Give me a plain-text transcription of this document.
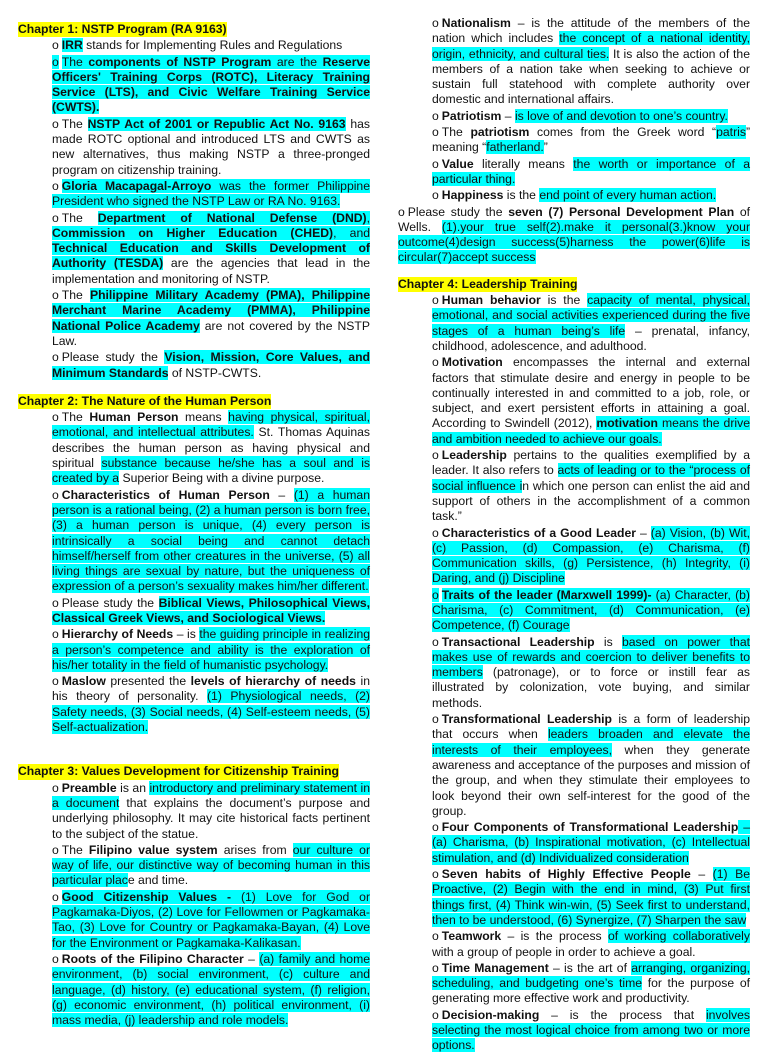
Chapter 1: NSTP Program (RA 9163)
o IRR stands for Implementing Rules and Regulations
o The components of NSTP Program are the Reserve Officers' Training Corps (ROTC), Literacy Training Service (LTS), and Civic Welfare Training Service (CWTS).
o The NSTP Act of 2001 or Republic Act No. 9163 has made ROTC optional and introduced LTS and CWTS as new alternatives, thus making NSTP a three-pronged program on citizenship training.
o Gloria Macapagal-Arroyo was the former Philippine President who signed the NSTP Law or RA No. 9163.
o The Department of National Defense (DND), Commission on Higher Education (CHED), and Technical Education and Skills Development of Authority (TESDA) are the agencies that lead in the implementation and monitoring of NSTP.
o The Philippine Military Academy (PMA), Philippine Merchant Marine Academy (PMMA), Philippine National Police Academy are not covered by the NSTP Law.
o Please study the Vision, Mission, Core Values, and Minimum Standards of NSTP-CWTS.
Chapter 2: The Nature of the Human Person
o The Human Person means having physical, spiritual, emotional, and intellectual attributes. St. Thomas Aquinas describes the human person as having physical and spiritual substance because he/she has a soul and is created by a Superior Being with a divine purpose.
o Characteristics of Human Person – (1) a human person is a rational being, (2) a human person is born free, (3) a human person is unique, (4) every person is intrinsically a social being and cannot detach himself/herself from other creatures in the universe, (5) all living things are sexual by nature, but the uniqueness of expression of a person’s sexuality makes him/her different.
o Please study the Biblical Views, Philosophical Views, Classical Greek Views, and Sociological Views.
o Hierarchy of Needs – is the guiding principle in realizing a person’s competence and ability is the exploration of his/her totality in the field of humanistic psychology.
o Maslow presented the levels of hierarchy of needs in his theory of personality. (1) Physiological needs, (2) Safety needs, (3) Social needs, (4) Self-esteem needs, (5) Self-actualization.
Chapter 3: Values Development for Citizenship Training
o Preamble is an introductory and preliminary statement in a document that explains the document’s purpose and underlying philosophy. It may cite historical facts pertinent to the subject of the statue.
o The Filipino value system arises from our culture or way of life, our distinctive way of becoming human in this particular place and time.
o Good Citizenship Values - (1) Love for God or Pagkamaka-Diyos, (2) Love for Fellowmen or Pagkamaka-Tao, (3) Love for Country or Pagkamaka-Bayan, (4) Love for the Environment or Pagkamaka-Kalikasan.
o Roots of the Filipino Character – (a) family and home environment, (b) social environment, (c) culture and language, (d) history, (e) educational system, (f) religion, (g) economic environment, (h) political environment, (i) mass media, (j) leadership and role models.
o Nationalism – is the attitude of the members of the nation which includes the concept of a national identity, origin, ethnicity, and cultural ties. It is also the action of the members of a nation take when seeking to achieve or sustain full statehood with complete authority over domestic and international affairs.
o Patriotism – is love of and devotion to one’s country.
o The patriotism comes from the Greek word “patris” meaning “fatherland.”
o Value literally means the worth or importance of a particular thing.
o Happiness is the end point of every human action.
o Please study the seven (7) Personal Development Plan of Wells. (1).your true self(2).make it personal(3.)know your outcome(4)design success(5)harness the power(6)life is circular(7)accept success
Chapter 4: Leadership Training
o Human behavior is the capacity of mental, physical, emotional, and social activities experienced during the five stages of a human being’s life – prenatal, infancy, childhood, adolescence, and adulthood.
o Motivation encompasses the internal and external factors that stimulate desire and energy in people to be continually interested in and committed to a job, role, or subject, and exert persistent efforts in attaining a goal. According to Swindell (2012), motivation means the drive and ambition needed to achieve our goals.
o Leadership pertains to the qualities exemplified by a leader. It also refers to acts of leading or to the “process of social influence in which one person can enlist the aid and support of others in the accomplishment of a common task.”
o Characteristics of a Good Leader – (a) Vision, (b) Wit, (c) Passion, (d) Compassion, (e) Charisma, (f) Communication skills, (g) Persistence, (h) Integrity, (i) Daring, and (j) Discipline
o Traits of the leader (Marxwell 1999)- (a) Character, (b) Charisma, (c) Commitment, (d) Communication, (e) Competence, (f) Courage
o Transactional Leadership is based on power that makes use of rewards and coercion to deliver benefits to members (patronage), or to force or instill fear as illustrated by colonization, vote buying, and similar methods.
o Transformational Leadership is a form of leadership that occurs when leaders broaden and elevate the interests of their employees, when they generate awareness and acceptance of the purposes and mission of the group, and when they stimulate their employees to look beyond their own self-interest for the good of the group.
o Four Components of Transformational Leadership – (a) Charisma, (b) Inspirational motivation, (c) Intellectual stimulation, and (d) Individualized consideration
o Seven habits of Highly Effective People – (1) Be Proactive, (2) Begin with the end in mind, (3) Put first things first, (4) Think win-win, (5) Seek first to understand, then to be understood, (6) Synergize, (7) Sharpen the saw
o Teamwork – is the process of working collaboratively with a group of people in order to achieve a goal.
o Time Management – is the art of arranging, organizing, scheduling, and budgeting one’s time for the purpose of generating more effective work and productivity.
o Decision-making – is the process that involves selecting the most logical choice from among two or more options.
